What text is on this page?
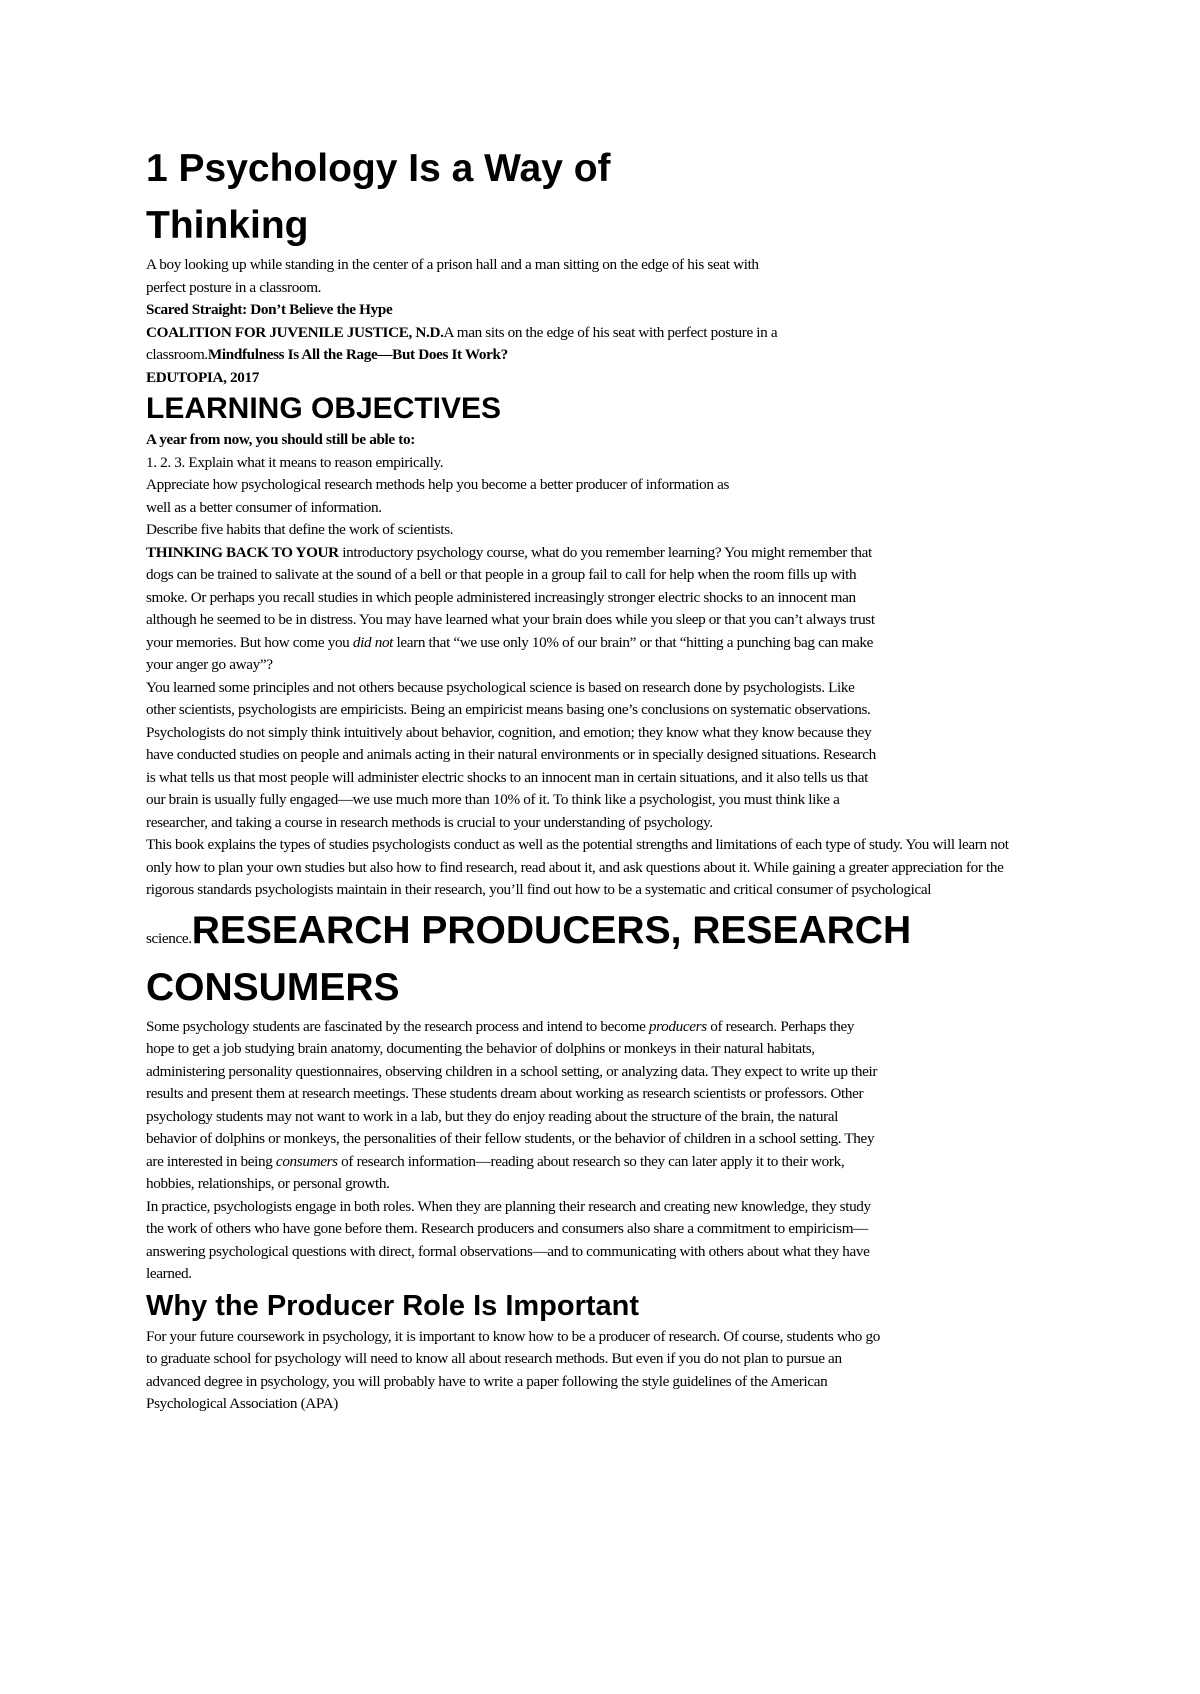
1 Psychology Is a Way of Thinking

A boy looking up while standing in the center of a prison hall and a man sitting on the edge of his seat with perfect posture in a classroom.

Scared Straight: Don’t Believe the Hype

COALITION FOR JUVENILE JUSTICE, N.D.A man sits on the edge of his seat with perfect posture in a classroom.Mindfulness Is All the Rage—But Does It Work?

EDUTOPIA, 2017

LEARNING OBJECTIVES

A year from now, you should still be able to:

1. 2. 3. Explain what it means to reason empirically.

Appreciate how psychological research methods help you become a better producer of information as well as a better consumer of information.

Describe five habits that define the work of scientists.

THINKING BACK TO YOUR introductory psychology course, what do you remember learning? You might remember that dogs can be trained to salivate at the sound of a bell or that people in a group fail to call for help when the room fills up with smoke. Or perhaps you recall studies in which people administered increasingly stronger electric shocks to an innocent man although he seemed to be in distress. You may have learned what your brain does while you sleep or that you can’t always trust your memories. But how come you did not learn that “we use only 10% of our brain” or that “hitting a punching bag can make your anger go away”?

You learned some principles and not others because psychological science is based on research done by psychologists. Like other scientists, psychologists are empiricists. Being an empiricist means basing one’s conclusions on systematic observations. Psychologists do not simply think intuitively about behavior, cognition, and emotion; they know what they know because they have conducted studies on people and animals acting in their natural environments or in specially designed situations. Research is what tells us that most people will administer electric shocks to an innocent man in certain situations, and it also tells us that our brain is usually fully engaged—we use much more than 10% of it. To think like a psychologist, you must think like a researcher, and taking a course in research methods is crucial to your understanding of psychology.

This book explains the types of studies psychologists conduct as well as the potential strengths and limitations of each type of study. You will learn not only how to plan your own studies but also how to find research, read about it, and ask questions about it. While gaining a greater appreciation for the rigorous standards psychologists maintain in their research, you’ll find out how to be a systematic and critical consumer of psychological science.RESEARCH PRODUCERS, RESEARCH CONSUMERS

Some psychology students are fascinated by the research process and intend to become producers of research. Perhaps they hope to get a job studying brain anatomy, documenting the behavior of dolphins or monkeys in their natural habitats, administering personality questionnaires, observing children in a school setting, or analyzing data. They expect to write up their results and present them at research meetings. These students dream about working as research scientists or professors. Other psychology students may not want to work in a lab, but they do enjoy reading about the structure of the brain, the natural behavior of dolphins or monkeys, the personalities of their fellow students, or the behavior of children in a school setting. They are interested in being consumers of research information—reading about research so they can later apply it to their work, hobbies, relationships, or personal growth.

In practice, psychologists engage in both roles. When they are planning their research and creating new knowledge, they study the work of others who have gone before them. Research producers and consumers also share a commitment to empiricism—answering psychological questions with direct, formal observations—and to communicating with others about what they have learned.

Why the Producer Role Is Important

For your future coursework in psychology, it is important to know how to be a producer of research. Of course, students who go to graduate school for psychology will need to know all about research methods. But even if you do not plan to pursue an advanced degree in psychology, you will probably have to write a paper following the style guidelines of the American Psychological Association (APA)
